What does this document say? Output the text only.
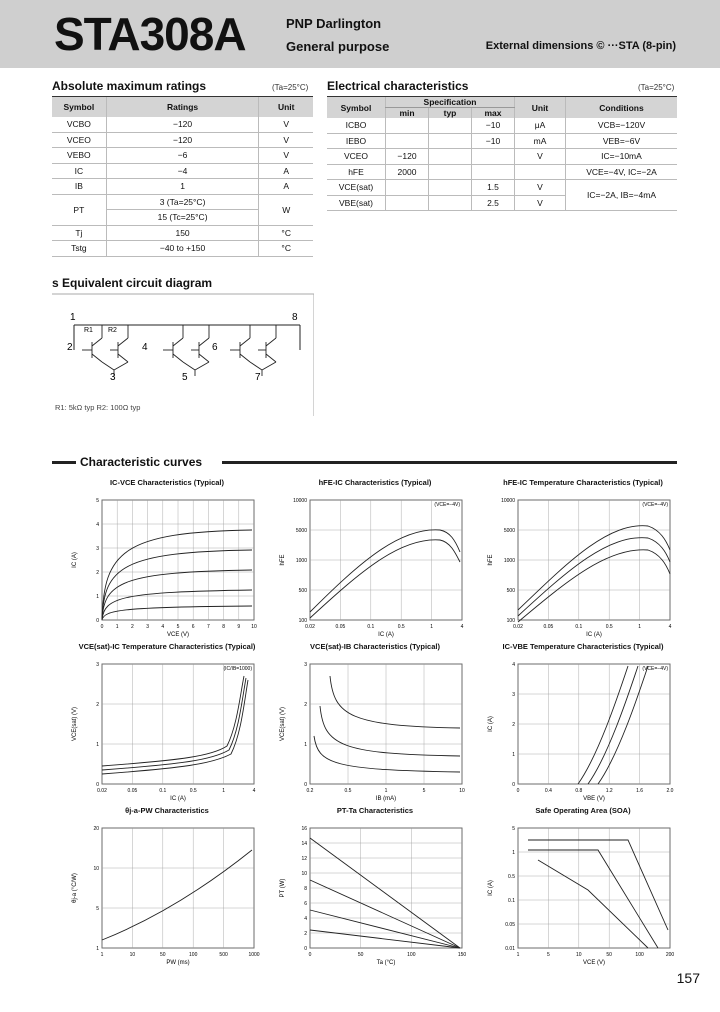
STA308A	PNP Darlington
General purpose	External dimensions © ···STA (8-pin)
Absolute maximum ratings	(Ta=25°C)
Symbol	Ratings	Unit
VCBO	−120	V
VCEO	−120	V
VEBO	−6	V
IC	−4	A
IB	1	A
PT	3 (Ta=25°C)	W
	15 (Tc=25°C)	
Tj	150	°C
Tstg	−40 to +150	°C
Electrical characteristics	(Ta=25°C)
Symbol	Specification			Unit	Conditions
	min	typ	max		
ICBO			−10	μA	VCB=−120V
IEBO			−10	mA	VEB=−6V
VCEO	−120			V	IC=−10mA
hFE	2000				VCE=−4V, IC=−2A
VCE(sat)			1.5	V	IC=−2A, IB=−4mA
VBE(sat)			2.5	V	
s Equivalent circuit diagram
1
2
3
4
5
6
7
8
R1 R2
R1: 5kΩ typ R2: 100Ω typ
Characteristic curves
IC-VCE Characteristics (Typical)
0
1
2
3
4
5
0 1 2 3 4 5 6 7 8 9 10
VCE (V)
IC (A)
hFE-IC Characteristics (Typical)
100
500
1000
5000
10000
0.02	0.05	0.1	0.5	1	4
IC (A)
hFE
(VCE=−4V)
hFE-IC Temperature Characteristics (Typical)
100
500
1000
5000
10000
0.02	0.05	0.1	0.5	1	4
IC (A)
hFE
(VCE=−4V)
VCE(sat)-IC Temperature Characteristics (Typical)
0
1
2
3
0.02	0.05	0.1	0.5	1	4
IC (A)
VCE(sat) (V)
(IC/IB=1000)
VCE(sat)-IB Characteristics (Typical)
0
1
2
3
0.2	0.5	1	5	10
IB (mA)
VCE(sat) (V)
IC-VBE Temperature Characteristics (Typical)
0
1
2
3
4
0	0.4	0.8	1.2	1.6	2.0
VBE (V)
IC (A)
(VCE=−4V)
θj-a-PW Characteristics
1
5
10
20
1	10	50	100	500	1000
PW (ms)
θj-a (°C/W)
PT-Ta Characteristics
0
2
4
6
8
10
12
14
16
0	50	100	150
Ta (°C)
PT (W)
Safe Operating Area (SOA)
0.01
0.05
0.1
0.5
1
5
1	5	10	50	100	200
VCE (V)
IC (A)
157
